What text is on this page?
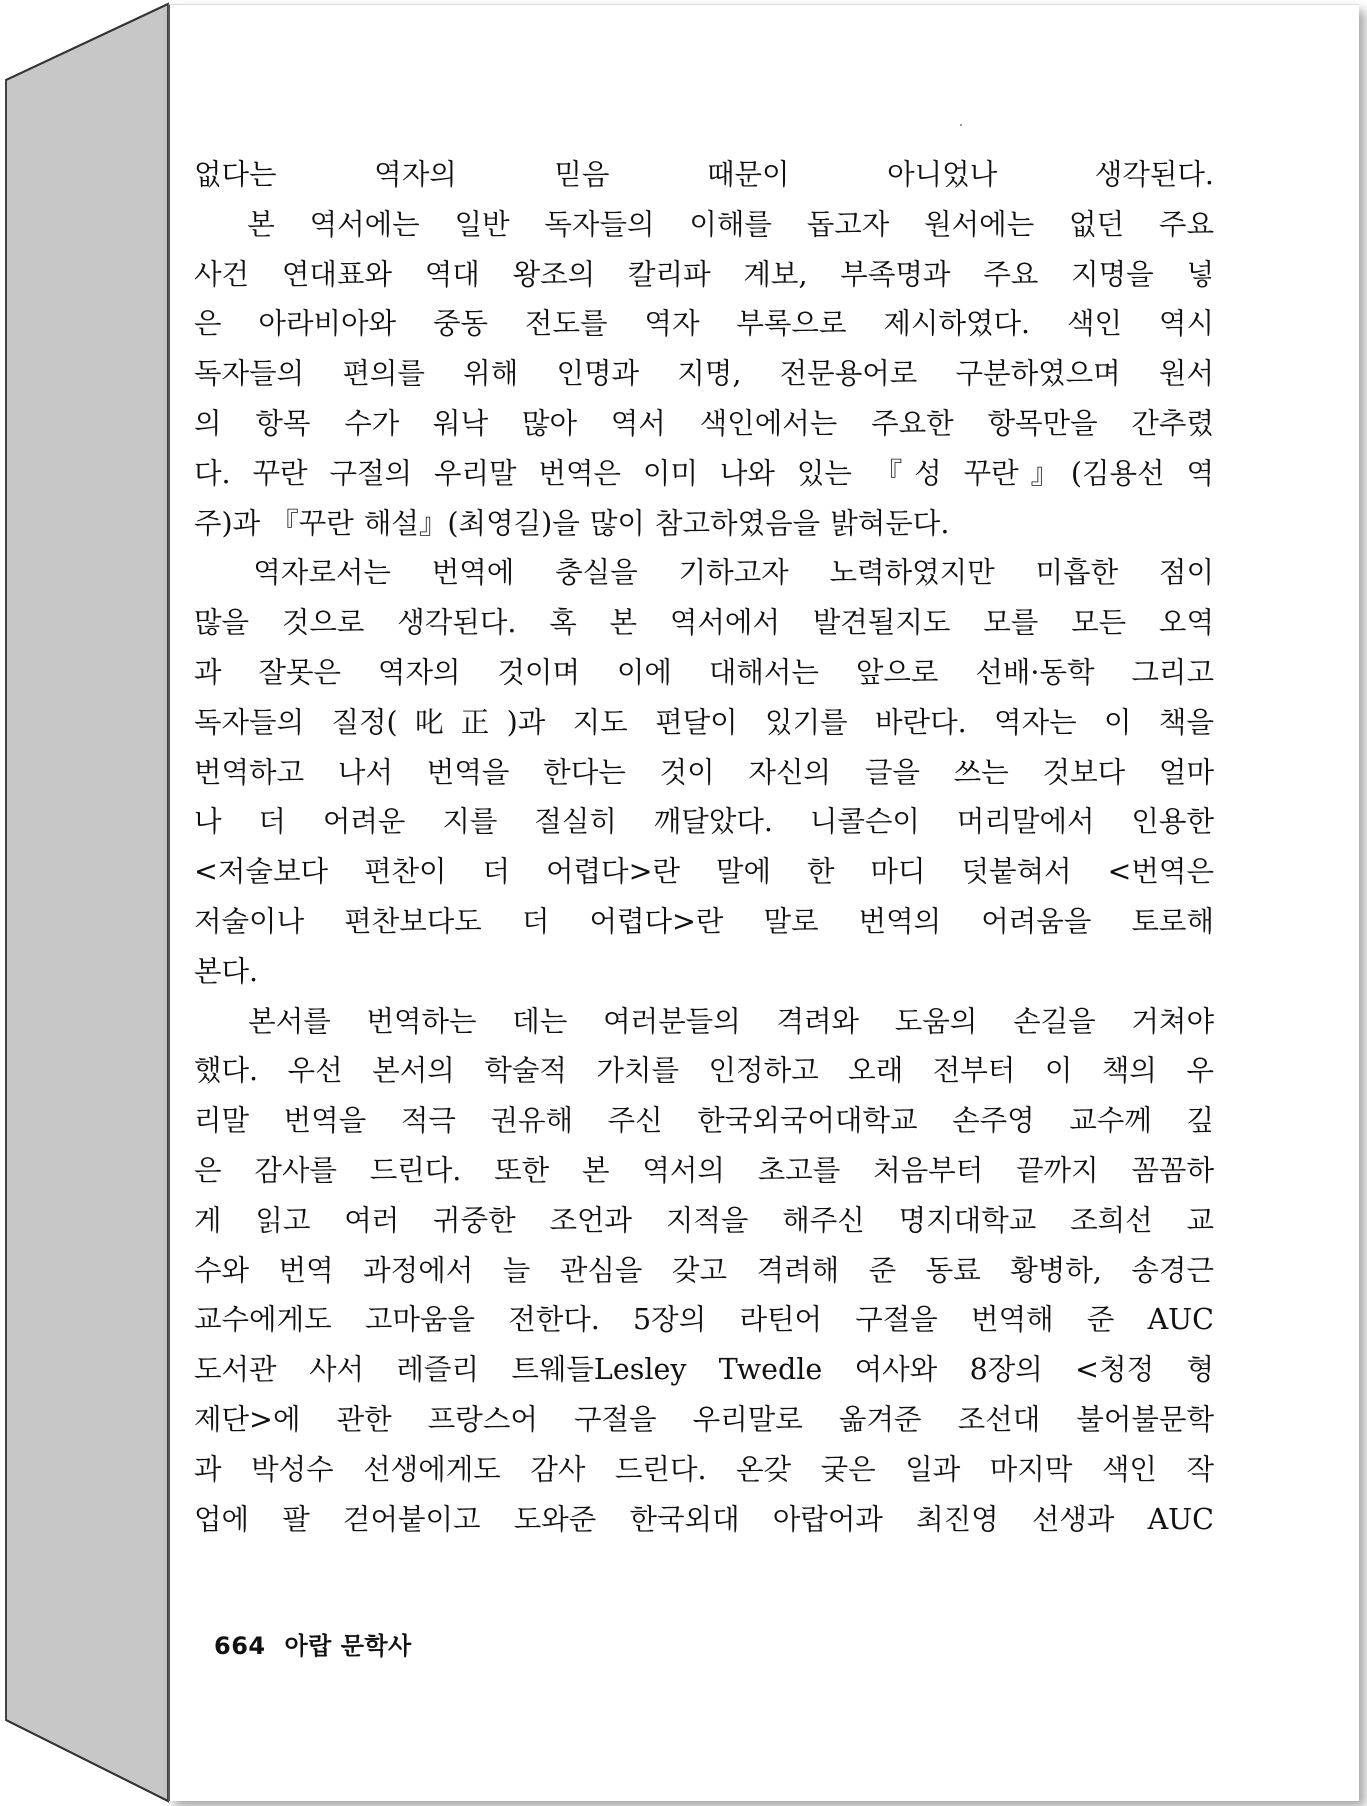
없다는 역자의 믿음 때문이 아니었나 생각된다.
　본 역서에는 일반 독자들의 이해를 돕고자 원서에는 없던 주요
사건 연대표와 역대 왕조의 칼리파 계보, 부족명과 주요 지명을 넣
은 아라비아와 중동 전도를 역자 부록으로 제시하였다. 색인 역시
독자들의 편의를 위해 인명과 지명, 전문용어로 구분하였으며 원서
의 항목 수가 워낙 많아 역서 색인에서는 주요한 항목만을 간추렸
다. 꾸란 구절의 우리말 번역은 이미 나와 있는 『성 꾸란』(김용선 역
주)과 『꾸란 해설』(최영길)을 많이 참고하였음을 밝혀둔다.
　역자로서는 번역에 충실을 기하고자 노력하였지만 미흡한 점이
많을 것으로 생각된다. 혹 본 역서에서 발견될지도 모를 모든 오역
과 잘못은 역자의 것이며 이에 대해서는 앞으로 선배·동학 그리고
독자들의 질정(叱正)과 지도 편달이 있기를 바란다. 역자는 이 책을
번역하고 나서 번역을 한다는 것이 자신의 글을 쓰는 것보다 얼마
나 더 어려운 지를 절실히 깨달았다. 니콜슨이 머리말에서 인용한
<저술보다 편찬이 더 어렵다>란 말에 한 마디 덧붙혀서 <번역은
저술이나 편찬보다도 더 어렵다>란 말로 번역의 어려움을 토로해
본다.
　본서를 번역하는 데는 여러분들의 격려와 도움의 손길을 거쳐야
했다. 우선 본서의 학술적 가치를 인정하고 오래 전부터 이 책의 우
리말 번역을 적극 권유해 주신 한국외국어대학교 손주영 교수께 깊
은 감사를 드린다. 또한 본 역서의 초고를 처음부터 끝까지 꼼꼼하
게 읽고 여러 귀중한 조언과 지적을 해주신 명지대학교 조희선 교
수와 번역 과정에서 늘 관심을 갖고 격려해 준 동료 황병하, 송경근
교수에게도 고마움을 전한다. 5장의 라틴어 구절을 번역해 준 AUC
도서관 사서 레즐리 트웨들Lesley Twedle 여사와 8장의 <청정 형
제단>에 관한 프랑스어 구절을 우리말로 옮겨준 조선대 불어불문학
과 박성수 선생에게도 감사 드린다. 온갖 궂은 일과 마지막 색인 작
업에 팔 걷어붙이고 도와준 한국외대 아랍어과 최진영 선생과 AUC
664 아랍 문학사
